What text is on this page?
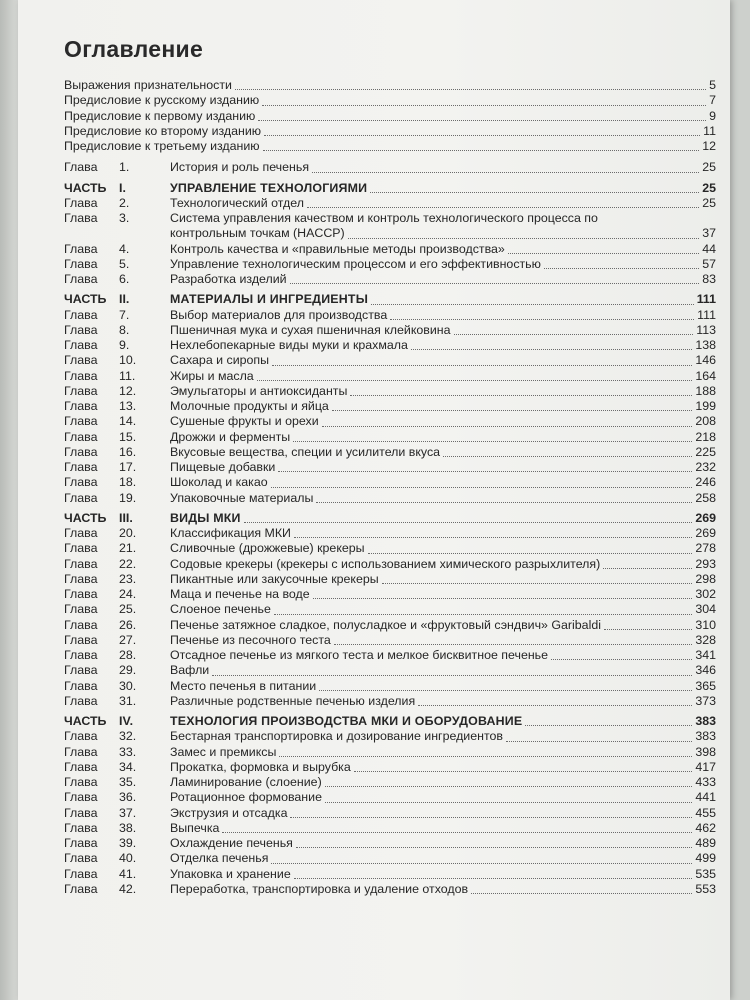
Оглавление
Выражения признательности	5
Предисловие к русскому изданию	7
Предисловие к первому изданию	9
Предисловие ко второму изданию	11
Предисловие к третьему изданию	12
Глава 1.	История и роль печенья	25
ЧАСТЬ I.	УПРАВЛЕНИЕ ТЕХНОЛОГИЯМИ	25
Глава 2.	Технологический отдел	25
Глава 3.	Система управления качеством и контроль технологического процесса по контрольным точкам (HACCP)	37
Глава 4.	Контроль качества и «правильные методы производства»	44
Глава 5.	Управление технологическим процессом и его эффективностью	57
Глава 6.	Разработка изделий	83
ЧАСТЬ II.	МАТЕРИАЛЫ И ИНГРЕДИЕНТЫ	111
Глава 7.	Выбор материалов для производства	111
Глава 8.	Пшеничная мука и сухая пшеничная клейковина	113
Глава 9.	Нехлебопекарные виды муки и крахмала	138
Глава 10.	Сахара и сиропы	146
Глава 11.	Жиры и масла	164
Глава 12.	Эмульгаторы и антиоксиданты	188
Глава 13.	Молочные продукты и яйца	199
Глава 14.	Сушеные фрукты и орехи	208
Глава 15.	Дрожжи и ферменты	218
Глава 16.	Вкусовые вещества, специи и усилители вкуса	225
Глава 17.	Пищевые добавки	232
Глава 18.	Шоколад и какао	246
Глава 19.	Упаковочные материалы	258
ЧАСТЬ III.	ВИДЫ МКИ	269
Глава 20.	Классификация МКИ	269
Глава 21.	Сливочные (дрожжевые) крекеры	278
Глава 22.	Содовые крекеры (крекеры с использованием химического разрыхлителя)	293
Глава 23.	Пикантные или закусочные крекеры	298
Глава 24.	Маца и печенье на воде	302
Глава 25.	Слоеное печенье	304
Глава 26.	Печенье затяжное сладкое, полусладкое и «фруктовый сэндвич» Garibaldi	310
Глава 27.	Печенье из песочного теста	328
Глава 28.	Отсадное печенье из мягкого теста и мелкое бисквитное печенье	341
Глава 29.	Вафли	346
Глава 30.	Место печенья в питании	365
Глава 31.	Различные родственные печенью изделия	373
ЧАСТЬ IV.	ТЕХНОЛОГИЯ ПРОИЗВОДСТВА МКИ И ОБОРУДОВАНИЕ	383
Глава 32.	Бестарная транспортировка и дозирование ингредиентов	383
Глава 33.	Замес и премиксы	398
Глава 34.	Прокатка, формовка и вырубка	417
Глава 35.	Ламинирование (слоение)	433
Глава 36.	Ротационное формование	441
Глава 37.	Экструзия и отсадка	455
Глава 38.	Выпечка	462
Глава 39.	Охлаждение печенья	489
Глава 40.	Отделка печенья	499
Глава 41.	Упаковка и хранение	535
Глава 42.	Переработка, транспортировка и удаление отходов	553
